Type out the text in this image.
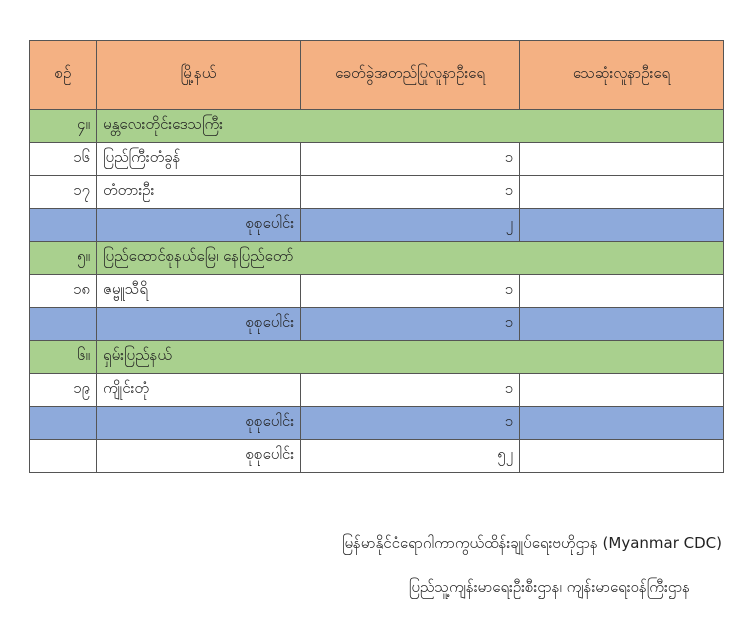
စဉ်	မြို့နယ်	ခေတ်ခွဲအတည်ပြုလူနာဦးရေ	သေဆုံးလူနာဦးရေ
၄။	မန္တလေးတိုင်းဒေသကြီး		
၁၆	ပြည်ကြီးတံခွန်	၁	
၁၇	တံတားဦး	၁	
	စုစုပေါင်း	၂	
၅။	ပြည်ထောင်စုနယ်မြေ၊ နေပြည်တော်		
၁၈	ဇမ္ဗူသီရိ	၁	
	စုစုပေါင်း	၁	
၆။	ရှမ်းပြည်နယ်		
၁၉	ကျိုင်းတုံ	၁	
	စုစုပေါင်း	၁	
	စုစုပေါင်း	၅၂	
မြန်မာနိုင်ငံရောဂါကာကွယ်ထိန်းချုပ်ရေးဗဟိုဌာန (Myanmar CDC)
ပြည်သူ့ကျန်းမာရေးဦးစီးဌာန၊ ကျန်းမာရေးဝန်ကြီးဌာန
